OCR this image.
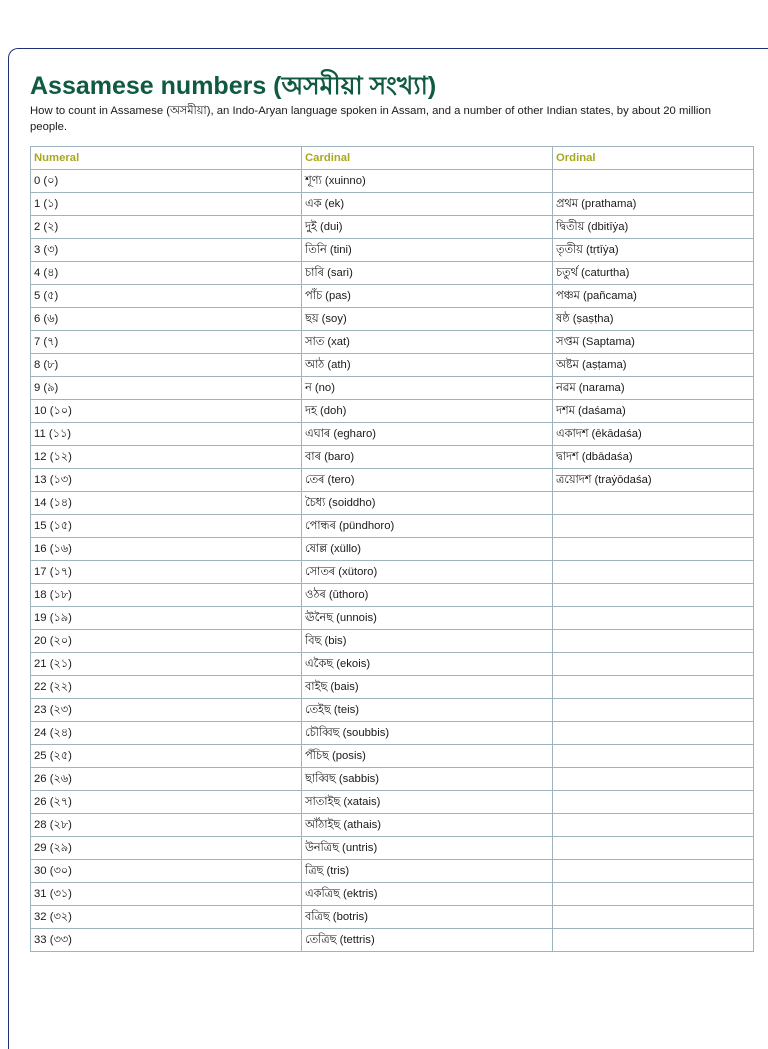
Assamese numbers (অসমীয়া সংখ্যা)

How to count in Assamese (অসমীয়া), an Indo-Aryan language spoken in Assam, and a number of other Indian states, by about 20 million people.

Numeral	Cardinal	Ordinal
0 (০)	শূণ্য (xuinno)	
1 (১)	এক (ek)	প্ৰথম (prathama)
2 (২)	দুই (dui)	দ্বিতীয় (dbitīẏa)
3 (৩)	তিনি (tini)	তৃতীয় (tṛtīẏa)
4 (৪)	চাৰি (sari)	চতুৰ্থ (caturtha)
5 (৫)	পাঁচ (pas)	পঞ্চম (pañcama)
6 (৬)	ছয় (soy)	ষষ্ঠ (ṣaṣṭha)
7 (৭)	সাত (xat)	সপ্তম (Saptama)
8 (৮)	আঠ (ath)	অষ্টম (aṣṭama)
9 (৯)	ন (no)	নৱম (narama)
10 (১০)	দহ (doh)	দশম (daśama)
11 (১১)	এঘাৰ (egharo)	একাদশ (ēkādaśa)
12 (১২)	বাৰ (baro)	দ্বাদশ (dbādaśa)
13 (১৩)	তেৰ (tero)	ত্ৰয়োদশ (traẏōdaśa)
14 (১৪)	চৈধ্য (soiddho)	
15 (১৫)	পোন্ধৰ (pündhoro)	
16 (১৬)	ষোল্ল (xüllo)	
17 (১৭)	সোতৰ (xütoro)	
18 (১৮)	ওঠৰ (ūthoro)	
19 (১৯)	ঊনৈছ (unnois)	
20 (২০)	বিছ (bis)	
21 (২১)	একৈছ (ekois)	
22 (২২)	বাইছ (bais)	
23 (২৩)	তেইছ (teis)	
24 (২৪)	চৌব্বিছ (soubbis)	
25 (২৫)	পঁচিছ (posis)	
26 (২৬)	ছাব্বিছ (sabbis)	
26 (২৭)	সাতাইছ (xatais)	
28 (২৮)	আঁঠাইছ (athais)	
29 (২৯)	উনত্ৰিছ (untris)	
30 (৩০)	ত্ৰিছ (tris)	
31 (৩১)	একত্ৰিছ (ektris)	
32 (৩২)	বত্ৰিছ (botris)	
33 (৩৩)	তেত্ৰিছ (tettris)	
